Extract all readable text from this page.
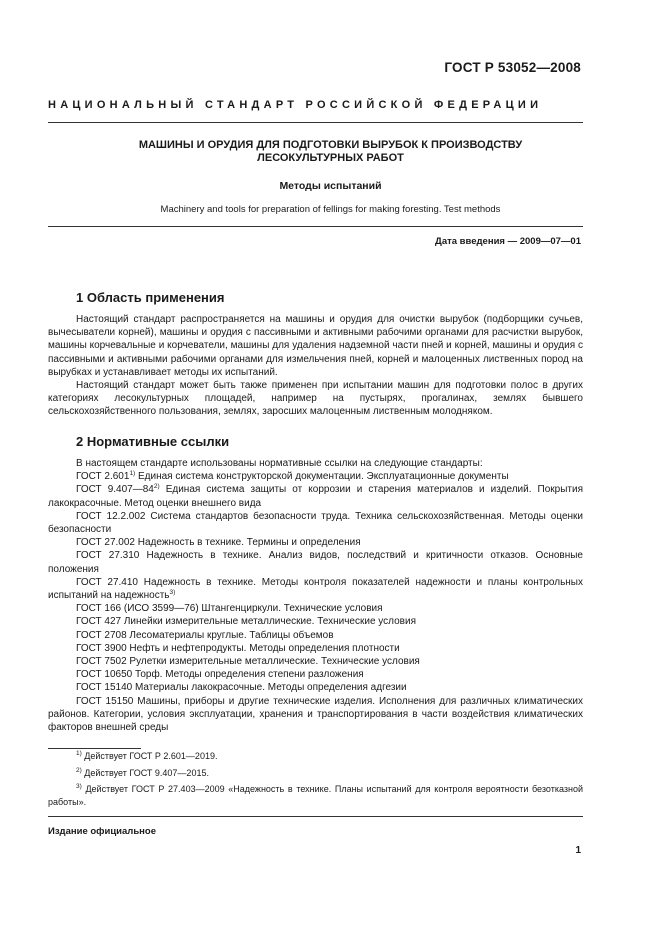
ГОСТ Р 53052—2008
НАЦИОНАЛЬНЫЙ СТАНДАРТ РОССИЙСКОЙ ФЕДЕРАЦИИ
МАШИНЫ И ОРУДИЯ ДЛЯ ПОДГОТОВКИ ВЫРУБОК К ПРОИЗВОДСТВУ
ЛЕСОКУЛЬТУРНЫХ РАБОТ
Методы испытаний
Machinery and tools for preparation of fellings for making foresting. Test methods
Дата введения — 2009—07—01
1 Область применения

Настоящий стандарт распространяется на машины и орудия для очистки вырубок (подборщики сучьев, вычесыватели корней), машины и орудия с пассивными и активными рабочими органами для расчистки вырубок, машины корчевальные и корчеватели, машины для удаления надземной части пней и корней, машины и орудия с пассивными и активными рабочими органами для измельчения пней, корней и малоценных лиственных пород на вырубках и устанавливает методы их испытаний.

Настоящий стандарт может быть также применен при испытании машин для подготовки полос в других категориях лесокультурных площадей, например на пустырях, прогалинах, землях бывшего сельскохозяйственного пользования, землях, заросших малоценным лиственным молодняком.

2 Нормативные ссылки

В настоящем стандарте использованы нормативные ссылки на следующие стандарты:

ГОСТ 2.601$^{1)}$ Единая система конструкторской документации. Эксплуатационные документы

ГОСТ 9.407—84$^{2)}$ Единая система защиты от коррозии и старения материалов и изделий. Покрытия лакокрасочные. Метод оценки внешнего вида

ГОСТ 12.2.002 Система стандартов безопасности труда. Техника сельскохозяйственная. Методы оценки безопасности

ГОСТ 27.002 Надежность в технике. Термины и определения

ГОСТ 27.310 Надежность в технике. Анализ видов, последствий и критичности отказов. Основные положения

ГОСТ 27.410 Надежность в технике. Методы контроля показателей надежности и планы контрольных испытаний на надежность$^{3)}$

ГОСТ 166 (ИСО 3599—76) Штангенциркули. Технические условия

ГОСТ 427 Линейки измерительные металлические. Технические условия

ГОСТ 2708 Лесоматериалы круглые. Таблицы объемов

ГОСТ 3900 Нефть и нефтепродукты. Методы определения плотности

ГОСТ 7502 Рулетки измерительные металлические. Технические условия

ГОСТ 10650 Торф. Методы определения степени разложения

ГОСТ 15140 Материалы лакокрасочные. Методы определения адгезии

ГОСТ 15150 Машины, приборы и другие технические изделия. Исполнения для различных климатических районов. Категории, условия эксплуатации, хранения и транспортирования в части воздействия климатических факторов внешней среды

$^{1)}$ Действует ГОСТ Р 2.601—2019.

$^{2)}$ Действует ГОСТ 9.407—2015.

$^{3)}$ Действует ГОСТ Р 27.403—2009 «Надежность в технике. Планы испытаний для контроля вероятности безотказной работы».

Издание официальное
1
